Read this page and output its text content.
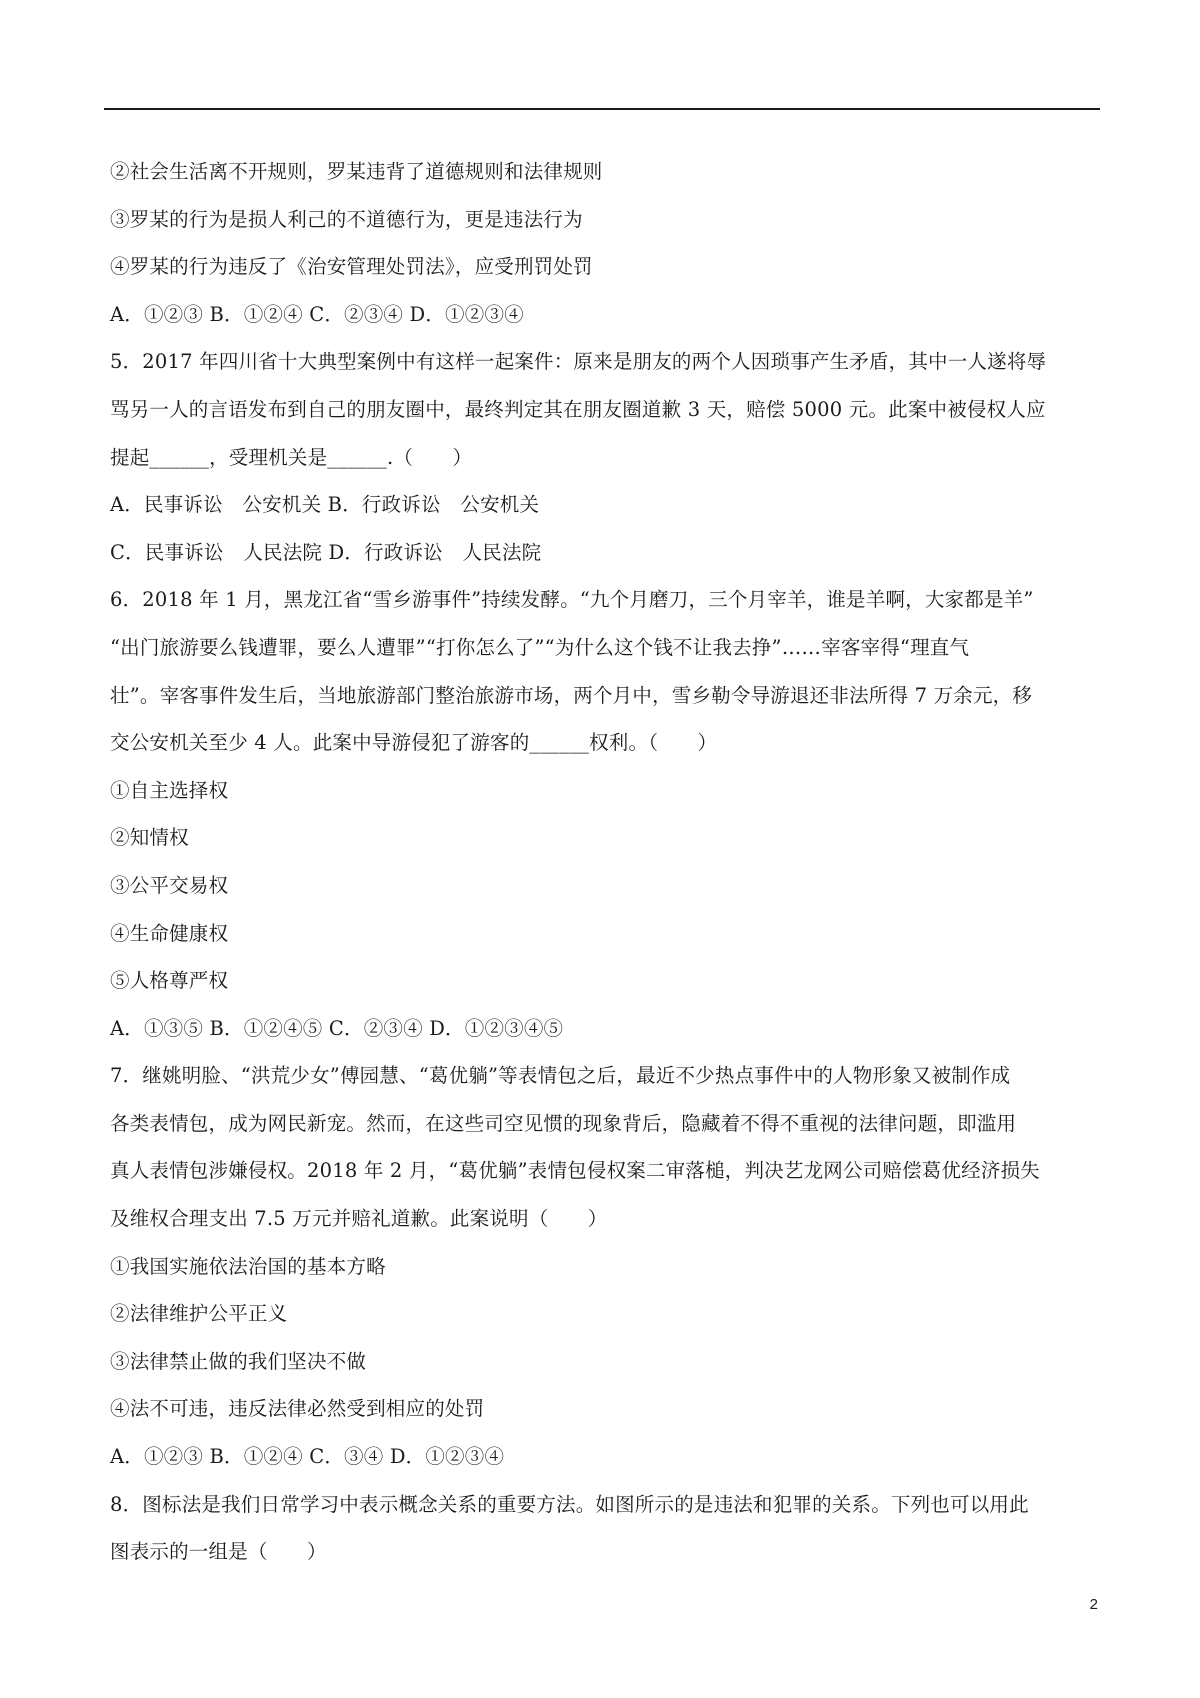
②社会生活离不开规则，罗某违背了道德规则和法律规则
③罗某的行为是损人利己的不道德行为，更是违法行为
④罗某的行为违反了《治安管理处罚法》，应受刑罚处罚
A．①②③ B．①②④ C．②③④ D．①②③④
5．2017 年四川省十大典型案例中有这样一起案件：原来是朋友的两个人因琐事产生矛盾，其中一人遂将辱
骂另一人的言语发布到自己的朋友圈中，最终判定其在朋友圈道歉 3 天，赔偿 5000 元。此案中被侵权人应
提起______，受理机关是______.（　　）
A．民事诉讼　公安机关 B．行政诉讼　公安机关
C．民事诉讼　人民法院 D．行政诉讼　人民法院
6．2018 年 1 月，黑龙江省“雪乡游事件”持续发酵。“九个月磨刀，三个月宰羊，谁是羊啊，大家都是羊”
“出门旅游要么钱遭罪，要么人遭罪”“打你怎么了”“为什么这个钱不让我去挣”……宰客宰得“理直气
壮”。宰客事件发生后，当地旅游部门整治旅游市场，两个月中，雪乡勒令导游退还非法所得 7 万余元，移
交公安机关至少 4 人。此案中导游侵犯了游客的______权利。（　　）
①自主选择权
②知情权
③公平交易权
④生命健康权
⑤人格尊严权
A．①③⑤ B．①②④⑤ C．②③④ D．①②③④⑤
7．继姚明脸、“洪荒少女”傅园慧、“葛优躺”等表情包之后，最近不少热点事件中的人物形象又被制作成
各类表情包，成为网民新宠。然而，在这些司空见惯的现象背后，隐藏着不得不重视的法律问题，即滥用
真人表情包涉嫌侵权。2018 年 2 月，“葛优躺”表情包侵权案二审落槌，判决艺龙网公司赔偿葛优经济损失
及维权合理支出 7.5 万元并赔礼道歉。此案说明（　　）
①我国实施依法治国的基本方略
②法律维护公平正义
③法律禁止做的我们坚决不做
④法不可违，违反法律必然受到相应的处罚
A．①②③ B．①②④ C．③④ D．①②③④
8．图标法是我们日常学习中表示概念关系的重要方法。如图所示的是违法和犯罪的关系。下列也可以用此
图表示的一组是（　　）
2
